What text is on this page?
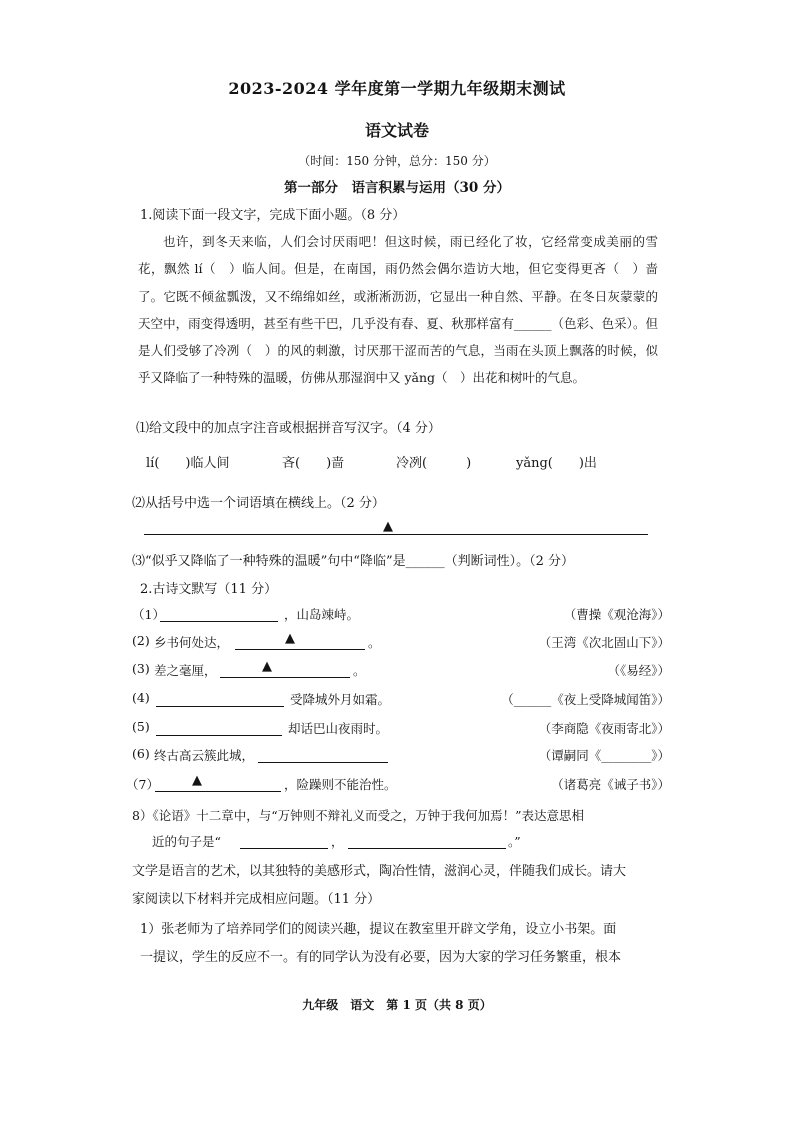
2023-2024 学年度第一学期九年级期末测试
语文试卷
（时间：150 分钟，总分：150 分）
第一部分　语言积累与运用（30 分）
1.阅读下面一段文字，完成下面小题。（8 分）
也许，到冬天来临，人们会讨厌雨吧！但这时候，雨已经化了妆，它经常变成美丽的雪花，飘然 lí（　）临人间。但是，在南国，雨仍然会偶尔造访大地，但它变得更吝（　）啬了。它既不倾盆瓢泼，又不绵绵如丝，或淅淅沥沥，它显出一种自然、平静。在冬日灰蒙蒙的天空中，雨变得透明，甚至有些干巴，几乎没有春、夏、秋那样富有______（色彩、色采）。但是人们受够了冷冽（　）的风的刺激，讨厌那干涩而苦的气息，当雨在头顶上飘落的时候，似乎又降临了一种特殊的温暖，仿佛从那湿润中又 yǎng（　）出花和树叶的气息。
⑴给文段中的加点字注音或根据拼音写汉字。（4 分）
lí(　　)临人间	吝(　　)啬	冷冽(　　　)	yǎng(　　)出
⑵从括号中选一个词语填在横线上。（2 分）
▲
⑶“似乎又降临了一种特殊的温暖”句中“降临”是______（判断词性）。（2 分）
2.古诗文默写（11 分）
（1）	，山岛竦峙。	（曹操《观沧海》）
(2) 乡书何处达，	▲	。	（王湾《次北固山下》）
(3) 差之毫厘，	▲	。	（《易经》）
(4)	受降城外月如霜。	（______《夜上受降城闻笛》）
(5)	却话巴山夜雨时。	（李商隐《夜雨寄北》）
(6) 终古高云簇此城，	（谭嗣同《________》）
（7）	▲	，险躁则不能治性。	（诸葛亮《诫子书》）
8）《论语》十二章中，与“万钟则不辩礼义而受之，万钟于我何加焉！”表达意思相
近的句子是“	，	。”
文学是语言的艺术，以其独特的美感形式，陶冶性情，滋润心灵，伴随我们成长。请大
家阅读以下材料并完成相应问题。（11 分）
1）张老师为了培养同学们的阅读兴趣，提议在教室里开辟文学角，设立小书架。面
一提议，学生的反应不一。有的同学认为没有必要，因为大家的学习任务繁重，根本
九年级　语文　第 1 页（共 8 页）
